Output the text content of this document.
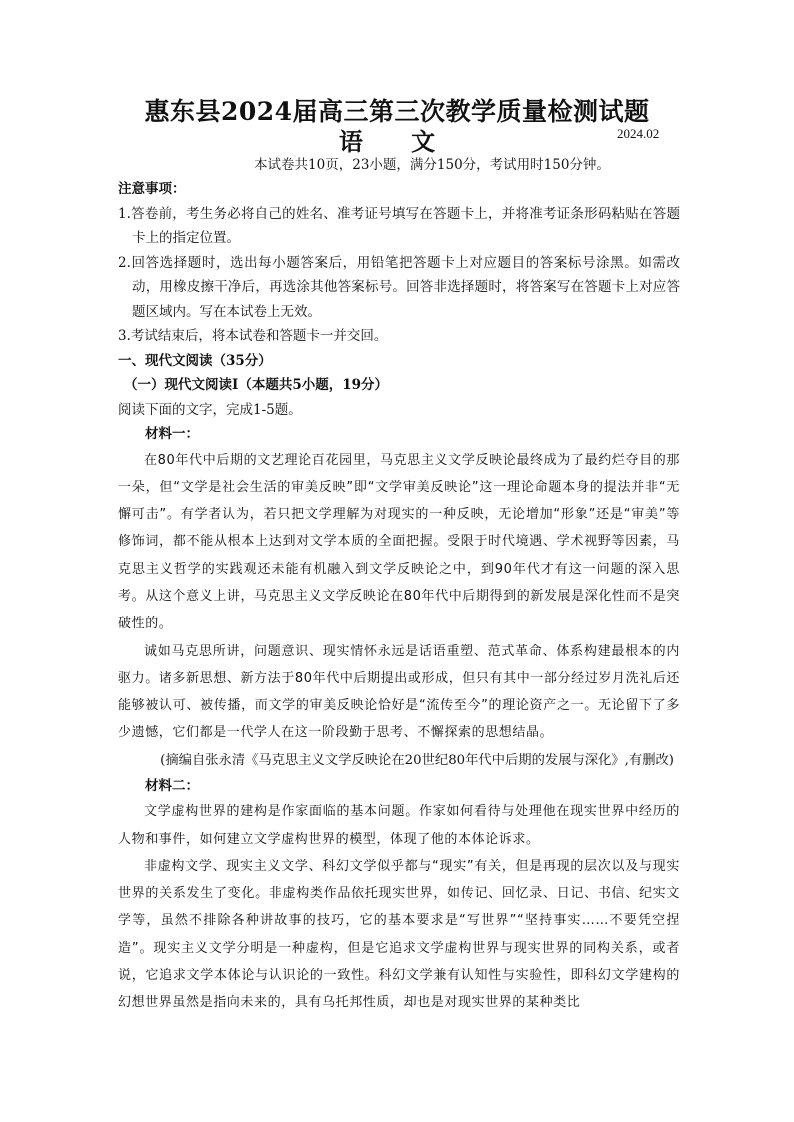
惠东县2024届高三第三次教学质量检测试题
语 文	2024.02
本试卷共10页，23小题，满分150分，考试用时150分钟。
注意事项：
1.答卷前，考生务必将自己的姓名、准考证号填写在答题卡上，并将准考证条形码粘贴在答题卡上的指定位置。
2.回答选择题时，选出每小题答案后，用铅笔把答题卡上对应题目的答案标号涂黑。如需改动，用橡皮擦干净后，再选涂其他答案标号。回答非选择题时，将答案写在答题卡上对应答题区域内。写在本试卷上无效。
3.考试结束后，将本试卷和答题卡一并交回。
一、现代文阅读（35分）
（一）现代文阅读Ⅰ（本题共5小题，19分）
阅读下面的文字，完成1-5题。
材料一：
在80年代中后期的文艺理论百花园里，马克思主义文学反映论最终成为了最约烂夺目的那一朵，但“文学是社会生活的审美反映”即“文学审美反映论”这一理论命题本身的提法并非“无懈可击”。有学者认为，若只把文学理解为对现实的一种反映，无论增加“形象”还是“审美”等修饰词，都不能从根本上达到对文学本质的全面把握。受限于时代境遇、学术视野等因素，马克思主义哲学的实践观还未能有机融入到文学反映论之中，到90年代才有这一问题的深入思考。从这个意义上讲，马克思主义文学反映论在80年代中后期得到的新发展是深化性而不是突破性的。
诚如马克思所讲，问题意识、现实情怀永远是话语重塑、范式革命、体系构建最根本的内驱力。诸多新思想、新方法于80年代中后期提出或形成，但只有其中一部分经过岁月洗礼后还能够被认可、被传播，而文学的审美反映论恰好是“流传至今”的理论资产之一。无论留下了多少遗憾，它们都是一代学人在这一阶段勤于思考、不懈探索的思想结晶。
(摘编自张永清《马克思主义文学反映论在20世纪80年代中后期的发展与深化》,有删改)
材料二：
文学虚构世界的建构是作家面临的基本问题。作家如何看待与处理他在现实世界中经历的人物和事件，如何建立文学虚构世界的模型，体现了他的本体论诉求。
非虚构文学、现实主义文学、科幻文学似乎都与“现实”有关，但是再现的层次以及与现实世界的关系发生了变化。非虚构类作品依托现实世界，如传记、回忆录、日记、书信、纪实文学等，虽然不排除各种讲故事的技巧，它的基本要求是“写世界”“坚持事实……不要凭空捏造”。现实主义文学分明是一种虚构，但是它追求文学虚构世界与现实世界的同构关系，或者说，它追求文学本体论与认识论的一致性。科幻文学兼有认知性与实验性，即科幻文学建构的幻想世界虽然是指向未来的，具有乌托邦性质，却也是对现实世界的某种类比
